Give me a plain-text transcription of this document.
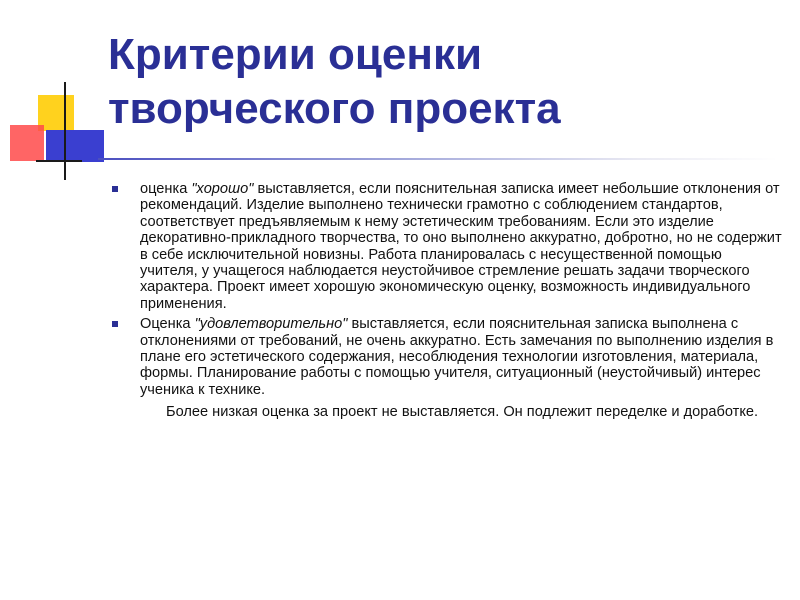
Критерии оценки
творческого проекта
оценка "хорошо" выставляется, если пояснительная записка имеет небольшие отклонения от рекомендаций. Изделие выполнено технически грамотно с соблюдением стандартов, соответствует предъявляемым к нему эстетическим требованиям. Если это изделие декоративно-прикладного творчества, то оно выполнено аккуратно, добротно, но не содержит в себе исключительной новизны. Работа планировалась с несущественной помощью учителя, у учащегося наблюдается неустойчивое стремление решать задачи творческого характера. Проект имеет хорошую экономическую оценку, возможность индивидуального применения.
Оценка "удовлетворительно" выставляется, если пояснительная записка выполнена с отклонениями от требований, не очень аккуратно. Есть замечания по выполнению изделия в плане его эстетического содержания, несоблюдения технологии изготовления, материала, формы. Планирование работы с помощью учителя, ситуационный (неустойчивый) интерес ученика к технике.
Более низкая оценка за проект не выставляется. Он подлежит переделке и доработке.
